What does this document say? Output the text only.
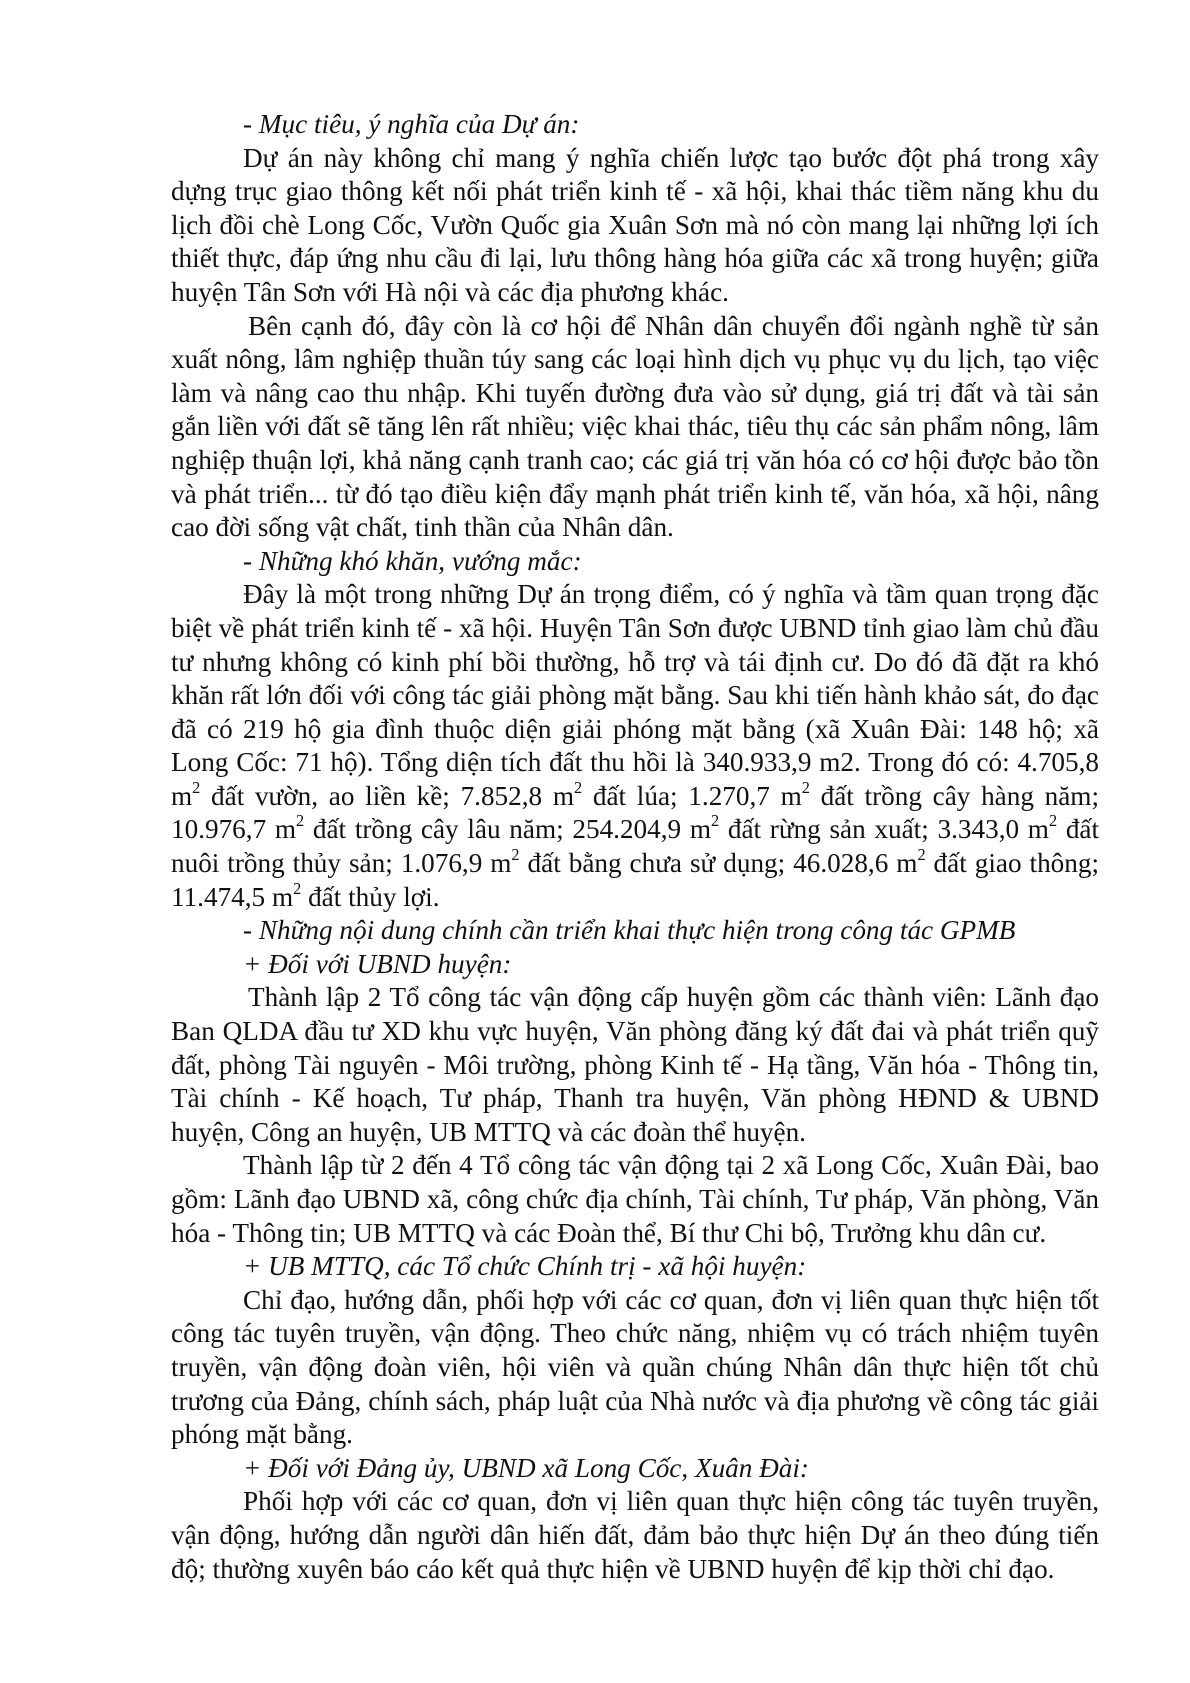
- Mục tiêu, ý nghĩa của Dự án:

Dự án này không chỉ mang ý nghĩa chiến lược tạo bước đột phá trong xây dựng trục giao thông kết nối phát triển kinh tế - xã hội, khai thác tiềm năng khu du lịch đồi chè Long Cốc, Vườn Quốc gia Xuân Sơn mà nó còn mang lại những lợi ích thiết thực, đáp ứng nhu cầu đi lại, lưu thông hàng hóa giữa các xã trong huyện; giữa huyện Tân Sơn với Hà nội và các địa phương khác.

Bên cạnh đó, đây còn là cơ hội để Nhân dân chuyển đổi ngành nghề từ sản xuất nông, lâm nghiệp thuần túy sang các loại hình dịch vụ phục vụ du lịch, tạo việc làm và nâng cao thu nhập. Khi tuyến đường đưa vào sử dụng, giá trị đất và tài sản gắn liền với đất sẽ tăng lên rất nhiều; việc khai thác, tiêu thụ các sản phẩm nông, lâm nghiệp thuận lợi, khả năng cạnh tranh cao; các giá trị văn hóa có cơ hội được bảo tồn và phát triển... từ đó tạo điều kiện đẩy mạnh phát triển kinh tế, văn hóa, xã hội, nâng cao đời sống vật chất, tinh thần của Nhân dân.

- Những khó khăn, vướng mắc:

Đây là một trong những Dự án trọng điểm, có ý nghĩa và tầm quan trọng đặc biệt về phát triển kinh tế - xã hội. Huyện Tân Sơn được UBND tỉnh giao làm chủ đầu tư nhưng không có kinh phí bồi thường, hỗ trợ và tái định cư. Do đó đã đặt ra khó khăn rất lớn đối với công tác giải phòng mặt bằng. Sau khi tiến hành khảo sát, đo đạc đã có 219 hộ gia đình thuộc diện giải phóng mặt bằng (xã Xuân Đài: 148 hộ; xã Long Cốc: 71 hộ). Tổng diện tích đất thu hồi là 340.933,9 m2. Trong đó có: 4.705,8 $m^2$ đất vườn, ao liền kề; 7.852,8 $m^2$ đất lúa; 1.270,7 $m^2$ đất trồng cây hàng năm; 10.976,7 $m^2$ đất trồng cây lâu năm; 254.204,9 $m^2$ đất rừng sản xuất; 3.343,0 $m^2$ đất nuôi trồng thủy sản; 1.076,9 $m^2$ đất bằng chưa sử dụng; 46.028,6 $m^2$ đất giao thông; 11.474,5 $m^2$ đất thủy lợi.

- Những nội dung chính cần triển khai thực hiện trong công tác GPMB

+ Đối với UBND huyện:

Thành lập 2 Tổ công tác vận động cấp huyện gồm các thành viên: Lãnh đạo Ban QLDA đầu tư XD khu vực huyện, Văn phòng đăng ký đất đai và phát triển quỹ đất, phòng Tài nguyên - Môi trường, phòng Kinh tế - Hạ tầng, Văn hóa - Thông tin, Tài chính - Kế hoạch, Tư pháp, Thanh tra huyện, Văn phòng HĐND & UBND huyện, Công an huyện, UB MTTQ và các đoàn thể huyện.

Thành lập từ 2 đến 4 Tổ công tác vận động tại 2 xã Long Cốc, Xuân Đài, bao gồm: Lãnh đạo UBND xã, công chức địa chính, Tài chính, Tư pháp, Văn phòng, Văn hóa - Thông tin; UB MTTQ và các Đoàn thể, Bí thư Chi bộ, Trưởng khu dân cư.

+ UB MTTQ, các Tổ chức Chính trị - xã hội huyện:

Chỉ đạo, hướng dẫn, phối hợp với các cơ quan, đơn vị liên quan thực hiện tốt công tác tuyên truyền, vận động. Theo chức năng, nhiệm vụ có trách nhiệm tuyên truyền, vận động đoàn viên, hội viên và quần chúng Nhân dân thực hiện tốt chủ trương của Đảng, chính sách, pháp luật của Nhà nước và địa phương về công tác giải phóng mặt bằng.

+ Đối với Đảng ủy, UBND xã Long Cốc, Xuân Đài:

Phối hợp với các cơ quan, đơn vị liên quan thực hiện công tác tuyên truyền, vận động, hướng dẫn người dân hiến đất, đảm bảo thực hiện Dự án theo đúng tiến độ; thường xuyên báo cáo kết quả thực hiện về UBND huyện để kịp thời chỉ đạo.
